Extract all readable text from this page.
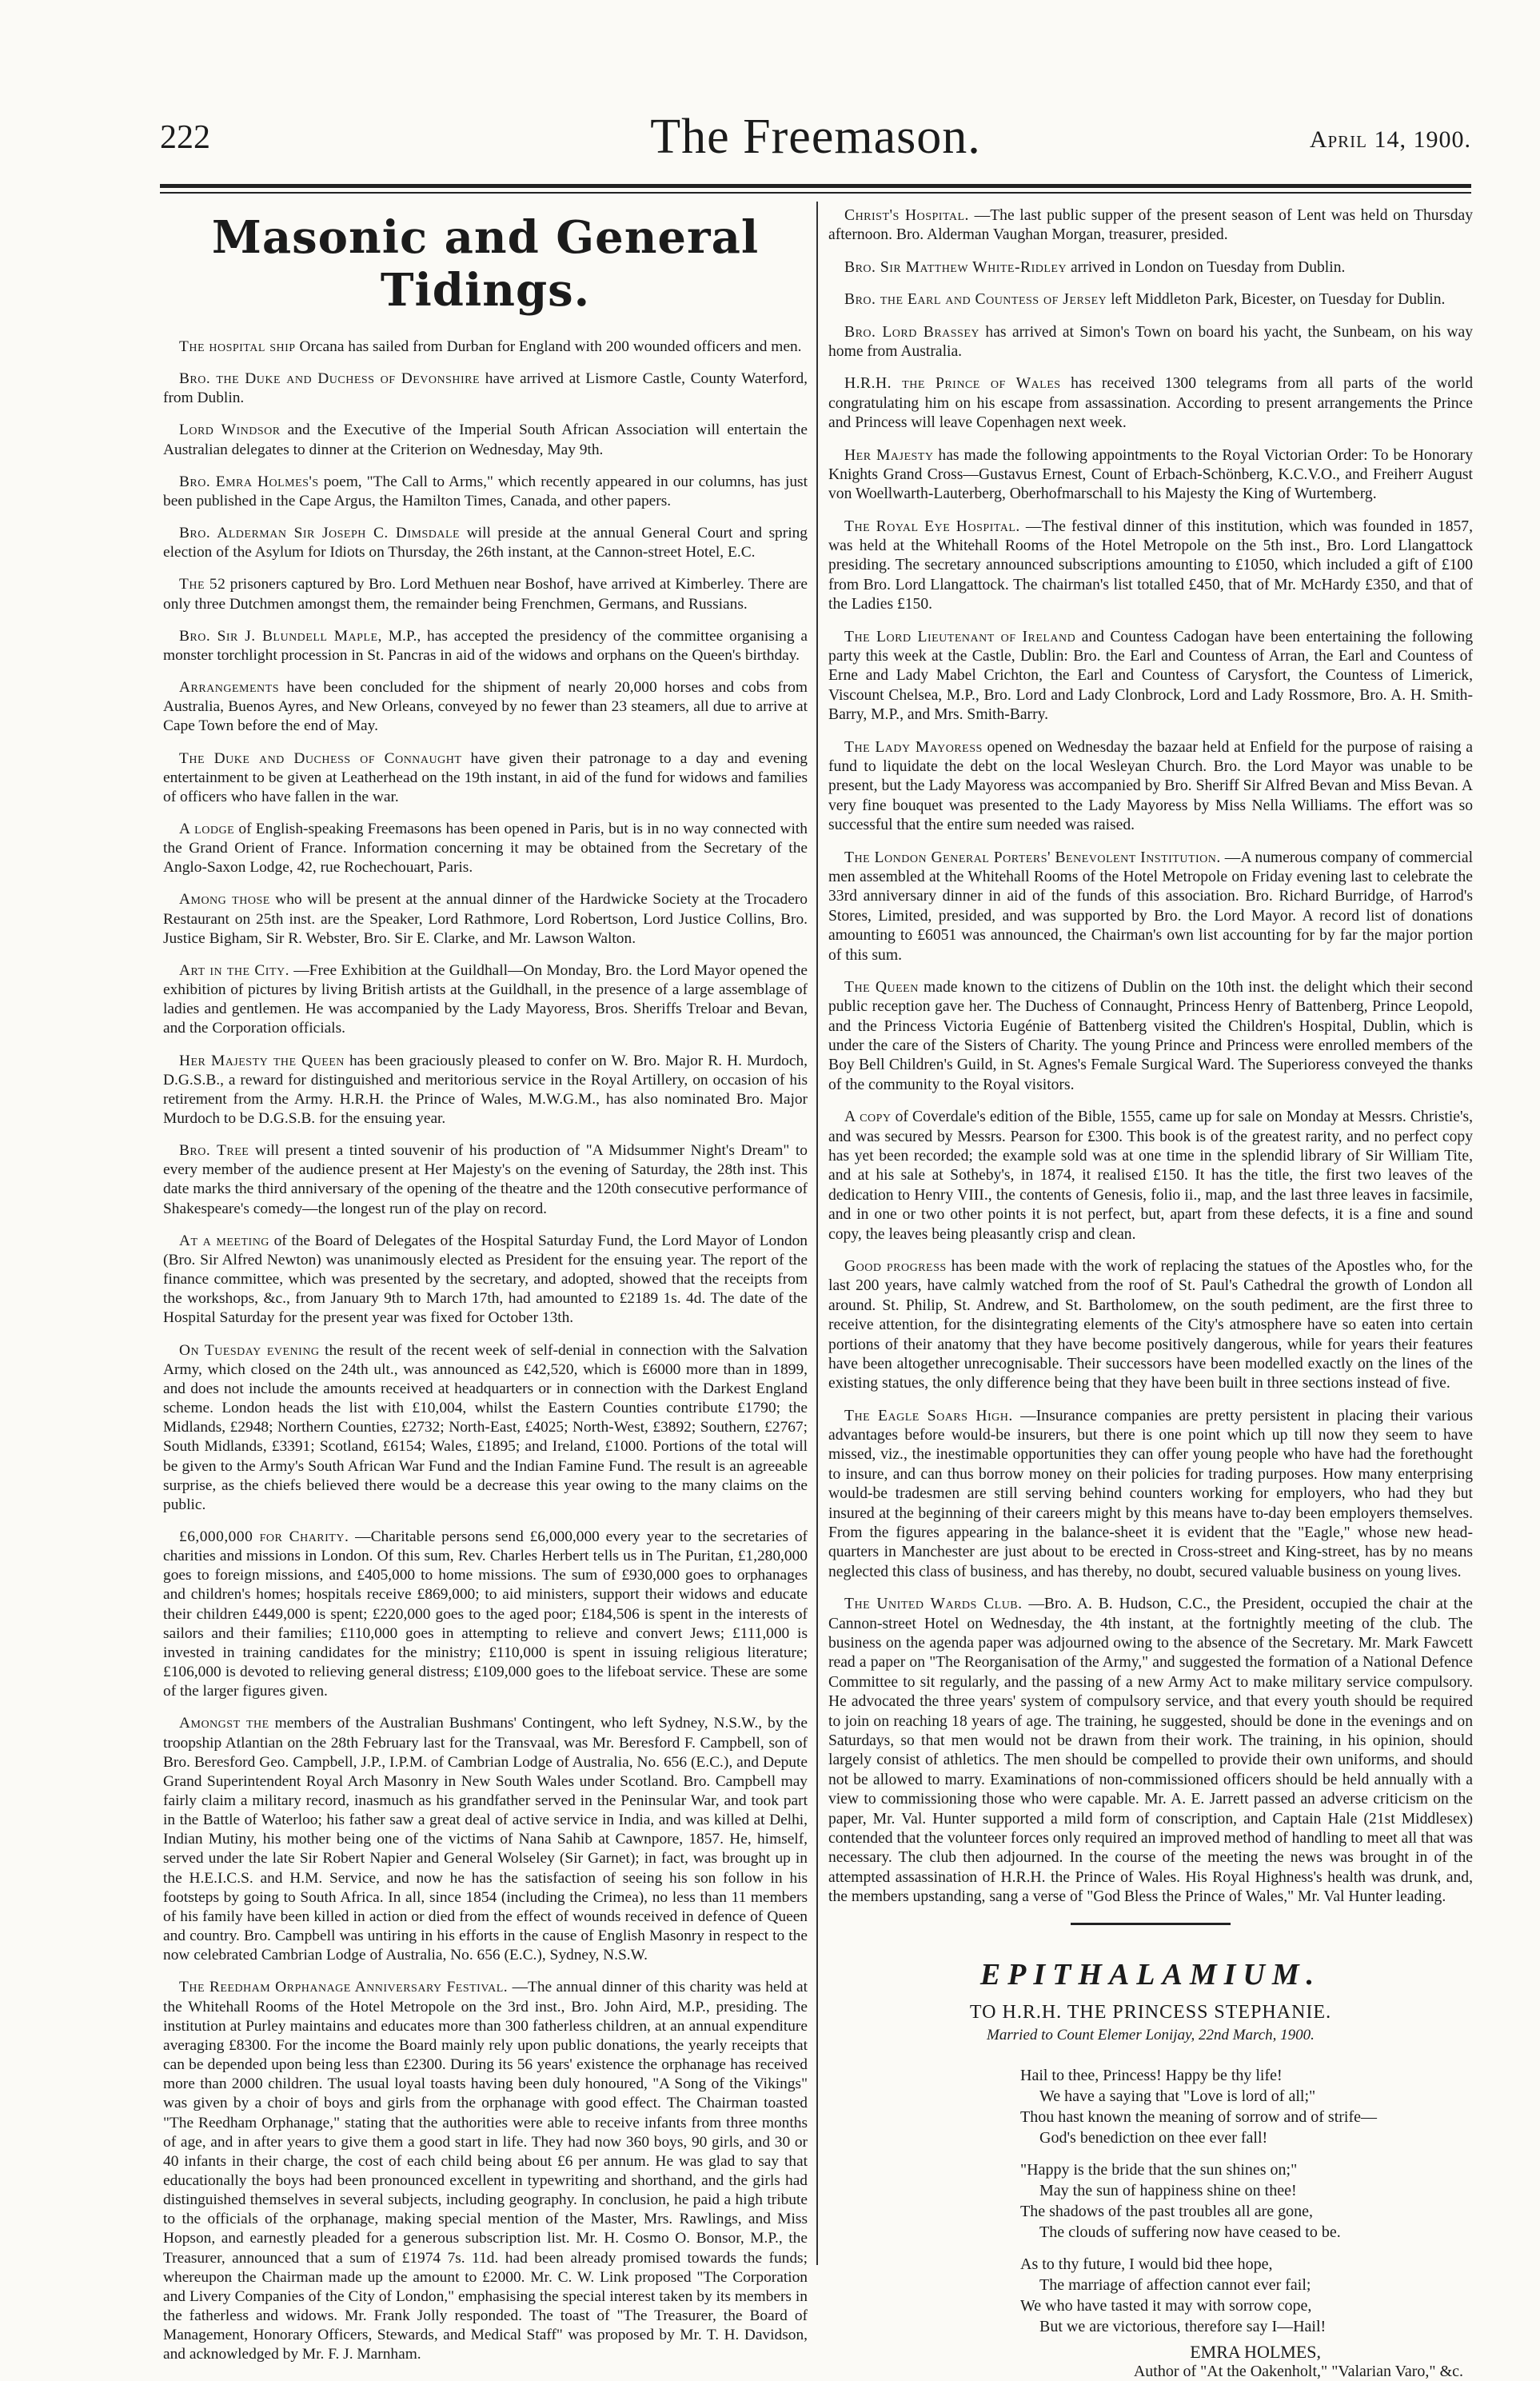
222	The Freemason.	April 14, 1900.
Masonic and General Tidings.

The hospital ship Orcana has sailed from Durban for England with 200 wounded officers and men.

Bro. the Duke and Duchess of Devonshire have arrived at Lismore Castle, County Waterford, from Dublin.

Lord Windsor and the Executive of the Imperial South African Association will entertain the Australian delegates to dinner at the Criterion on Wednesday, May 9th.

Bro. Emra Holmes's poem, "The Call to Arms," which recently appeared in our columns, has just been published in the Cape Argus, the Hamilton Times, Canada, and other papers.

Bro. Alderman Sir Joseph C. Dimsdale will preside at the annual General Court and spring election of the Asylum for Idiots on Thursday, the 26th instant, at the Cannon-street Hotel, E.C.

The 52 prisoners captured by Bro. Lord Methuen near Boshof, have arrived at Kimberley. There are only three Dutchmen amongst them, the remainder being Frenchmen, Germans, and Russians.

Bro. Sir J. Blundell Maple, M.P., has accepted the presidency of the committee organising a monster torchlight procession in St. Pancras in aid of the widows and orphans on the Queen's birthday.

Arrangements have been concluded for the shipment of nearly 20,000 horses and cobs from Australia, Buenos Ayres, and New Orleans, conveyed by no fewer than 23 steamers, all due to arrive at Cape Town before the end of May.

The Duke and Duchess of Connaught have given their patronage to a day and evening entertainment to be given at Leatherhead on the 19th instant, in aid of the fund for widows and families of officers who have fallen in the war.

A lodge of English-speaking Freemasons has been opened in Paris, but is in no way connected with the Grand Orient of France. Information concerning it may be obtained from the Secretary of the Anglo-Saxon Lodge, 42, rue Rochechouart, Paris.

Among those who will be present at the annual dinner of the Hardwicke Society at the Trocadero Restaurant on 25th inst. are the Speaker, Lord Rathmore, Lord Robertson, Lord Justice Collins, Bro. Justice Bigham, Sir R. Webster, Bro. Sir E. Clarke, and Mr. Lawson Walton.

Art in the City. —Free Exhibition at the Guildhall—On Monday, Bro. the Lord Mayor opened the exhibition of pictures by living British artists at the Guildhall, in the presence of a large assemblage of ladies and gentlemen. He was accompanied by the Lady Mayoress, Bros. Sheriffs Treloar and Bevan, and the Corporation officials.

Her Majesty the Queen has been graciously pleased to confer on W. Bro. Major R. H. Murdoch, D.G.S.B., a reward for distinguished and meritorious service in the Royal Artillery, on occasion of his retirement from the Army. H.R.H. the Prince of Wales, M.W.G.M., has also nominated Bro. Major Murdoch to be D.G.S.B. for the ensuing year.

Bro. Tree will present a tinted souvenir of his production of "A Midsummer Night's Dream" to every member of the audience present at Her Majesty's on the evening of Saturday, the 28th inst. This date marks the third anniversary of the opening of the theatre and the 120th consecutive performance of Shakespeare's comedy—the longest run of the play on record.

At a meeting of the Board of Delegates of the Hospital Saturday Fund, the Lord Mayor of London (Bro. Sir Alfred Newton) was unanimously elected as President for the ensuing year. The report of the finance committee, which was presented by the secretary, and adopted, showed that the receipts from the workshops, &c., from January 9th to March 17th, had amounted to £2189 1s. 4d. The date of the Hospital Saturday for the present year was fixed for October 13th.

On Tuesday evening the result of the recent week of self-denial in connection with the Salvation Army, which closed on the 24th ult., was announced as £42,520, which is £6000 more than in 1899, and does not include the amounts received at headquarters or in connection with the Darkest England scheme. London heads the list with £10,004, whilst the Eastern Counties contribute £1790; the Midlands, £2948; Northern Counties, £2732; North-East, £4025; North-West, £3892; Southern, £2767; South Midlands, £3391; Scotland, £6154; Wales, £1895; and Ireland, £1000. Portions of the total will be given to the Army's South African War Fund and the Indian Famine Fund. The result is an agreeable surprise, as the chiefs believed there would be a decrease this year owing to the many claims on the public.

£6,000,000 for Charity. —Charitable persons send £6,000,000 every year to the secretaries of charities and missions in London. Of this sum, Rev. Charles Herbert tells us in The Puritan, £1,280,000 goes to foreign missions, and £405,000 to home missions. The sum of £930,000 goes to orphanages and children's homes; hospitals receive £869,000; to aid ministers, support their widows and educate their children £449,000 is spent; £220,000 goes to the aged poor; £184,506 is spent in the interests of sailors and their families; £110,000 goes in attempting to relieve and convert Jews; £111,000 is invested in training candidates for the ministry; £110,000 is spent in issuing religious literature; £106,000 is devoted to relieving general distress; £109,000 goes to the lifeboat service. These are some of the larger figures given.

Amongst the members of the Australian Bushmans' Contingent, who left Sydney, N.S.W., by the troopship Atlantian on the 28th February last for the Transvaal, was Mr. Beresford F. Campbell, son of Bro. Beresford Geo. Campbell, J.P., I.P.M. of Cambrian Lodge of Australia, No. 656 (E.C.), and Depute Grand Superintendent Royal Arch Masonry in New South Wales under Scotland. Bro. Campbell may fairly claim a military record, inasmuch as his grandfather served in the Peninsular War, and took part in the Battle of Waterloo; his father saw a great deal of active service in India, and was killed at Delhi, Indian Mutiny, his mother being one of the victims of Nana Sahib at Cawnpore, 1857. He, himself, served under the late Sir Robert Napier and General Wolseley (Sir Garnet); in fact, was brought up in the H.E.I.C.S. and H.M. Service, and now he has the satisfaction of seeing his son follow in his footsteps by going to South Africa. In all, since 1854 (including the Crimea), no less than 11 members of his family have been killed in action or died from the effect of wounds received in defence of Queen and country. Bro. Campbell was untiring in his efforts in the cause of English Masonry in respect to the now celebrated Cambrian Lodge of Australia, No. 656 (E.C.), Sydney, N.S.W.

The Reedham Orphanage Anniversary Festival. —The annual dinner of this charity was held at the Whitehall Rooms of the Hotel Metropole on the 3rd inst., Bro. John Aird, M.P., presiding. The institution at Purley maintains and educates more than 300 fatherless children, at an annual expenditure averaging £8300. For the income the Board mainly rely upon public donations, the yearly receipts that can be depended upon being less than £2300. During its 56 years' existence the orphanage has received more than 2000 children. The usual loyal toasts having been duly honoured, "A Song of the Vikings" was given by a choir of boys and girls from the orphanage with good effect. The Chairman toasted "The Reedham Orphanage," stating that the authorities were able to receive infants from three months of age, and in after years to give them a good start in life. They had now 360 boys, 90 girls, and 30 or 40 infants in their charge, the cost of each child being about £6 per annum. He was glad to say that educationally the boys had been pronounced excellent in typewriting and shorthand, and the girls had distinguished themselves in several subjects, including geography. In conclusion, he paid a high tribute to the officials of the orphanage, making special mention of the Master, Mrs. Rawlings, and Miss Hopson, and earnestly pleaded for a generous subscription list. Mr. H. Cosmo O. Bonsor, M.P., the Treasurer, announced that a sum of £1974 7s. 11d. had been already promised towards the funds; whereupon the Chairman made up the amount to £2000. Mr. C. W. Link proposed "The Corporation and Livery Companies of the City of London," emphasising the special interest taken by its members in the fatherless and widows. Mr. Frank Jolly responded. The toast of "The Treasurer, the Board of Management, Honorary Officers, Stewards, and Medical Staff" was proposed by Mr. T. H. Davidson, and acknowledged by Mr. F. J. Marnham.

Christ's Hospital. —The last public supper of the present season of Lent was held on Thursday afternoon. Bro. Alderman Vaughan Morgan, treasurer, presided.

Bro. Sir Matthew White-Ridley arrived in London on Tuesday from Dublin.

Bro. the Earl and Countess of Jersey left Middleton Park, Bicester, on Tuesday for Dublin.

Bro. Lord Brassey has arrived at Simon's Town on board his yacht, the Sunbeam, on his way home from Australia.

H.R.H. the Prince of Wales has received 1300 telegrams from all parts of the world congratulating him on his escape from assassination. According to present arrangements the Prince and Princess will leave Copenhagen next week.

Her Majesty has made the following appointments to the Royal Victorian Order: To be Honorary Knights Grand Cross—Gustavus Ernest, Count of Erbach-Schönberg, K.C.V.O., and Freiherr August von Woellwarth-Lauterberg, Oberhofmarschall to his Majesty the King of Wurtemberg.

The Royal Eye Hospital. —The festival dinner of this institution, which was founded in 1857, was held at the Whitehall Rooms of the Hotel Metropole on the 5th inst., Bro. Lord Llangattock presiding. The secretary announced subscriptions amounting to £1050, which included a gift of £100 from Bro. Lord Llangattock. The chairman's list totalled £450, that of Mr. McHardy £350, and that of the Ladies £150.

The Lord Lieutenant of Ireland and Countess Cadogan have been entertaining the following party this week at the Castle, Dublin: Bro. the Earl and Countess of Arran, the Earl and Countess of Erne and Lady Mabel Crichton, the Earl and Countess of Carysfort, the Countess of Limerick, Viscount Chelsea, M.P., Bro. Lord and Lady Clonbrock, Lord and Lady Rossmore, Bro. A. H. Smith-Barry, M.P., and Mrs. Smith-Barry.

The Lady Mayoress opened on Wednesday the bazaar held at Enfield for the purpose of raising a fund to liquidate the debt on the local Wesleyan Church. Bro. the Lord Mayor was unable to be present, but the Lady Mayoress was accompanied by Bro. Sheriff Sir Alfred Bevan and Miss Bevan. A very fine bouquet was presented to the Lady Mayoress by Miss Nella Williams. The effort was so successful that the entire sum needed was raised.

The London General Porters' Benevolent Institution. —A numerous company of commercial men assembled at the Whitehall Rooms of the Hotel Metropole on Friday evening last to celebrate the 33rd anniversary dinner in aid of the funds of this association. Bro. Richard Burridge, of Harrod's Stores, Limited, presided, and was supported by Bro. the Lord Mayor. A record list of donations amounting to £6051 was announced, the Chairman's own list accounting for by far the major portion of this sum.

The Queen made known to the citizens of Dublin on the 10th inst. the delight which their second public reception gave her. The Duchess of Connaught, Princess Henry of Battenberg, Prince Leopold, and the Princess Victoria Eugénie of Battenberg visited the Children's Hospital, Dublin, which is under the care of the Sisters of Charity. The young Prince and Princess were enrolled members of the Boy Bell Children's Guild, in St. Agnes's Female Surgical Ward. The Superioress conveyed the thanks of the community to the Royal visitors.

A copy of Coverdale's edition of the Bible, 1555, came up for sale on Monday at Messrs. Christie's, and was secured by Messrs. Pearson for £300. This book is of the greatest rarity, and no perfect copy has yet been recorded; the example sold was at one time in the splendid library of Sir William Tite, and at his sale at Sotheby's, in 1874, it realised £150. It has the title, the first two leaves of the dedication to Henry VIII., the contents of Genesis, folio ii., map, and the last three leaves in facsimile, and in one or two other points it is not perfect, but, apart from these defects, it is a fine and sound copy, the leaves being pleasantly crisp and clean.

Good progress has been made with the work of replacing the statues of the Apostles who, for the last 200 years, have calmly watched from the roof of St. Paul's Cathedral the growth of London all around. St. Philip, St. Andrew, and St. Bartholomew, on the south pediment, are the first three to receive attention, for the disintegrating elements of the City's atmosphere have so eaten into certain portions of their anatomy that they have become positively dangerous, while for years their features have been altogether unrecognisable. Their successors have been modelled exactly on the lines of the existing statues, the only difference being that they have been built in three sections instead of five.

The Eagle Soars High. —Insurance companies are pretty persistent in placing their various advantages before would-be insurers, but there is one point which up till now they seem to have missed, viz., the inestimable opportunities they can offer young people who have had the forethought to insure, and can thus borrow money on their policies for trading purposes. How many enterprising would-be tradesmen are still serving behind counters working for employers, who had they but insured at the beginning of their careers might by this means have to-day been employers themselves. From the figures appearing in the balance-sheet it is evident that the "Eagle," whose new head-quarters in Manchester are just about to be erected in Cross-street and King-street, has by no means neglected this class of business, and has thereby, no doubt, secured valuable business on young lives.

The United Wards Club. —Bro. A. B. Hudson, C.C., the President, occupied the chair at the Cannon-street Hotel on Wednesday, the 4th instant, at the fortnightly meeting of the club. The business on the agenda paper was adjourned owing to the absence of the Secretary. Mr. Mark Fawcett read a paper on "The Reorganisation of the Army," and suggested the formation of a National Defence Committee to sit regularly, and the passing of a new Army Act to make military service compulsory. He advocated the three years' system of compulsory service, and that every youth should be required to join on reaching 18 years of age. The training, he suggested, should be done in the evenings and on Saturdays, so that men would not be drawn from their work. The training, in his opinion, should largely consist of athletics. The men should be compelled to provide their own uniforms, and should not be allowed to marry. Examinations of non-commissioned officers should be held annually with a view to commissioning those who were capable. Mr. A. E. Jarrett passed an adverse criticism on the paper, Mr. Val. Hunter supported a mild form of conscription, and Captain Hale (21st Middlesex) contended that the volunteer forces only required an improved method of handling to meet all that was necessary. The club then adjourned. In the course of the meeting the news was brought in of the attempted assassination of H.R.H. the Prince of Wales. His Royal Highness's health was drunk, and, the members upstanding, sang a verse of "God Bless the Prince of Wales," Mr. Val Hunter leading.

EPITHALAMIUM.
TO H.R.H. THE PRINCESS STEPHANIE.
Married to Count Elemer Lonijay, 22nd March, 1900.
Hail to thee, Princess! Happy be thy life!
We have a saying that "Love is lord of all;"
Thou hast known the meaning of sorrow and of strife—
God's benediction on thee ever fall!
"Happy is the bride that the sun shines on;"
May the sun of happiness shine on thee!
The shadows of the past troubles all are gone,
The clouds of suffering now have ceased to be.
As to thy future, I would bid thee hope,
The marriage of affection cannot ever fail;
We who have tasted it may with sorrow cope,
But we are victorious, therefore say I—Hail!
EMRA HOLMES,
Author of "At the Oakenholt," "Valarian Varo," &c.
